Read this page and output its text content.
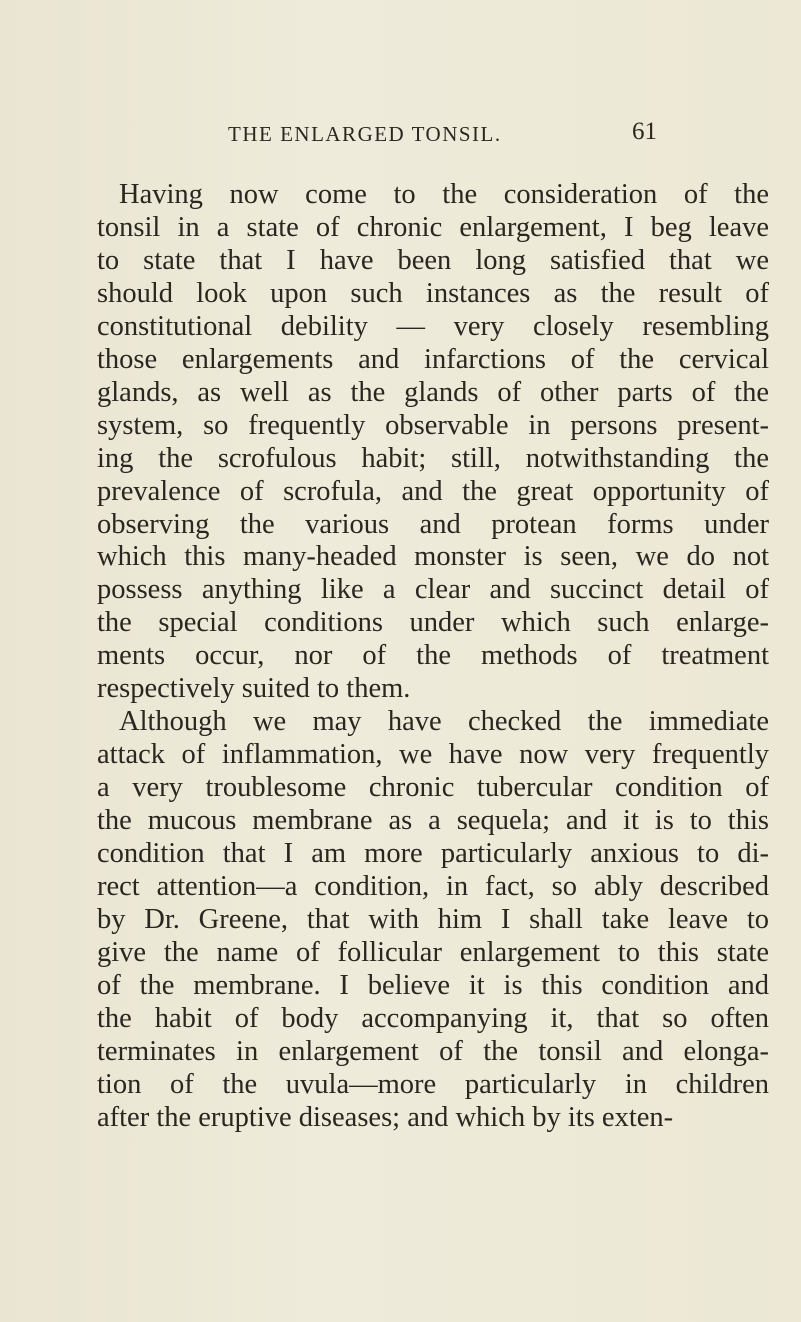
THE ENLARGED TONSIL.	61
Having now come to the consideration of the
tonsil in a state of chronic enlargement, I beg leave
to state that I have been long satisfied that we
should look upon such instances as the result of
constitutional debility — very closely resembling
those enlargements and infarctions of the cervical
glands, as well as the glands of other parts of the
system, so frequently observable in persons present-
ing the scrofulous habit; still, notwithstanding the
prevalence of scrofula, and the great opportunity of
observing the various and protean forms under
which this many-headed monster is seen, we do not
possess anything like a clear and succinct detail of
the special conditions under which such enlarge-
ments occur, nor of the methods of treatment
respectively suited to them.
Although we may have checked the immediate
attack of inflammation, we have now very frequently
a very troublesome chronic tubercular condition of
the mucous membrane as a sequela; and it is to this
condition that I am more particularly anxious to di-
rect attention—a condition, in fact, so ably described
by Dr. Greene, that with him I shall take leave to
give the name of follicular enlargement to this state
of the membrane. I believe it is this condition and
the habit of body accompanying it, that so often
terminates in enlargement of the tonsil and elonga-
tion of the uvula—more particularly in children
after the eruptive diseases; and which by its exten-
